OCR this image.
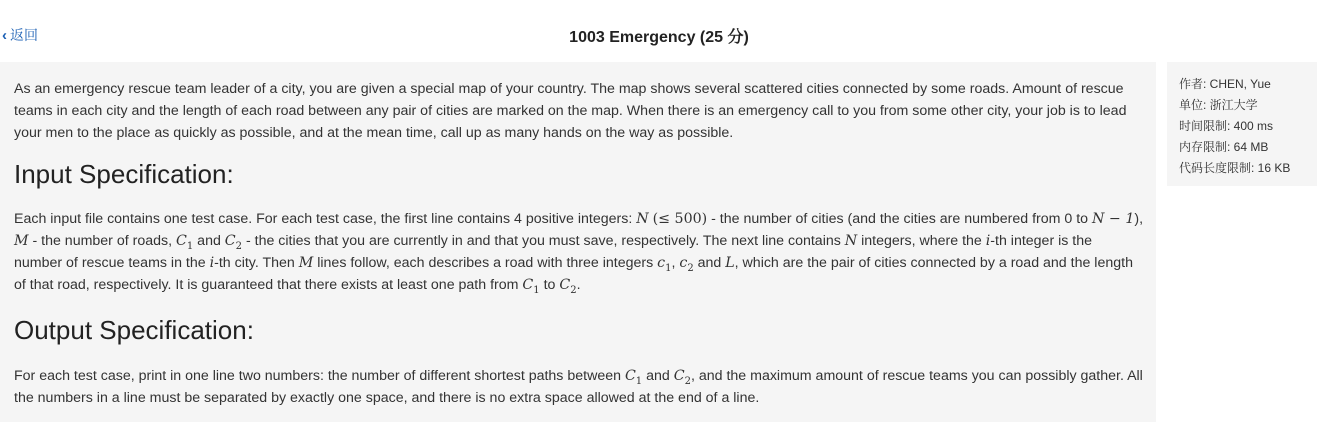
‹ 返回	1003 Emergency (25 分)

As an emergency rescue team leader of a city, you are given a special map of your country. The map shows several scattered cities connected by some roads. Amount of rescue teams in each city and the length of each road between any pair of cities are marked on the map. When there is an emergency call to you from some other city, your job is to lead your men to the place as quickly as possible, and at the mean time, call up as many hands on the way as possible.

Input Specification:

Each input file contains one test case. For each test case, the first line contains 4 positive integers: N (≤ 500) - the number of cities (and the cities are numbered from 0 to N − 1), M - the number of roads, $C_1$ and $C_2$ - the cities that you are currently in and that you must save, respectively. The next line contains N integers, where the i-th integer is the number of rescue teams in the i-th city. Then M lines follow, each describes a road with three integers $c_1$, $c_2$ and L, which are the pair of cities connected by a road and the length of that road, respectively. It is guaranteed that there exists at least one path from $C_1$ to $C_2$.

Output Specification:

For each test case, print in one line two numbers: the number of different shortest paths between $C_1$ and $C_2$, and the maximum amount of rescue teams you can possibly gather. All the numbers in a line must be separated by exactly one space, and there is no extra space allowed at the end of a line.

作者: CHEN, Yue
单位: 浙江大学
时间限制: 400 ms
内存限制: 64 MB
代码长度限制: 16 KB
